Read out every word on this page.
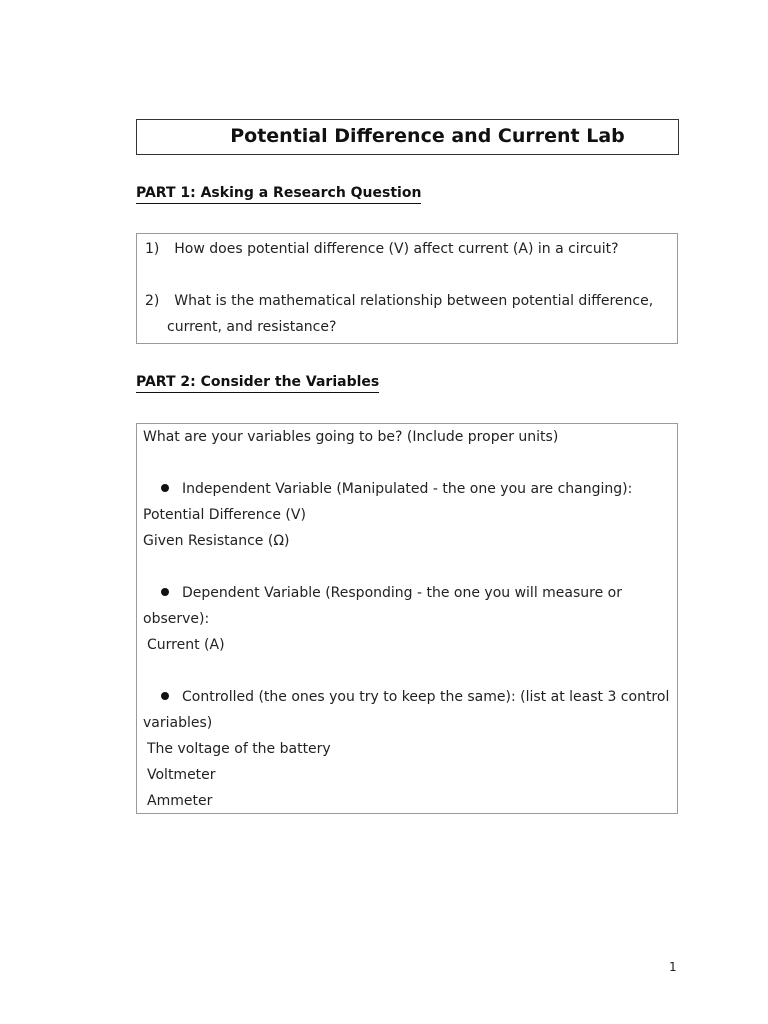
Potential Difference and Current Lab
PART 1: Asking a Research Question
1) How does potential difference (V) affect current (A) in a circuit?
2) What is the mathematical relationship between potential difference,
current, and resistance?
PART 2: Consider the Variables
What are your variables going to be? (Include proper units)
Independent Variable (Manipulated - the one you are changing):
Potential Difference (V)
Given Resistance (Ω)
Dependent Variable (Responding - the one you will measure or
observe):
Current (A)
Controlled (the ones you try to keep the same): (list at least 3 control
variables)
The voltage of the battery
Voltmeter
Ammeter
1
